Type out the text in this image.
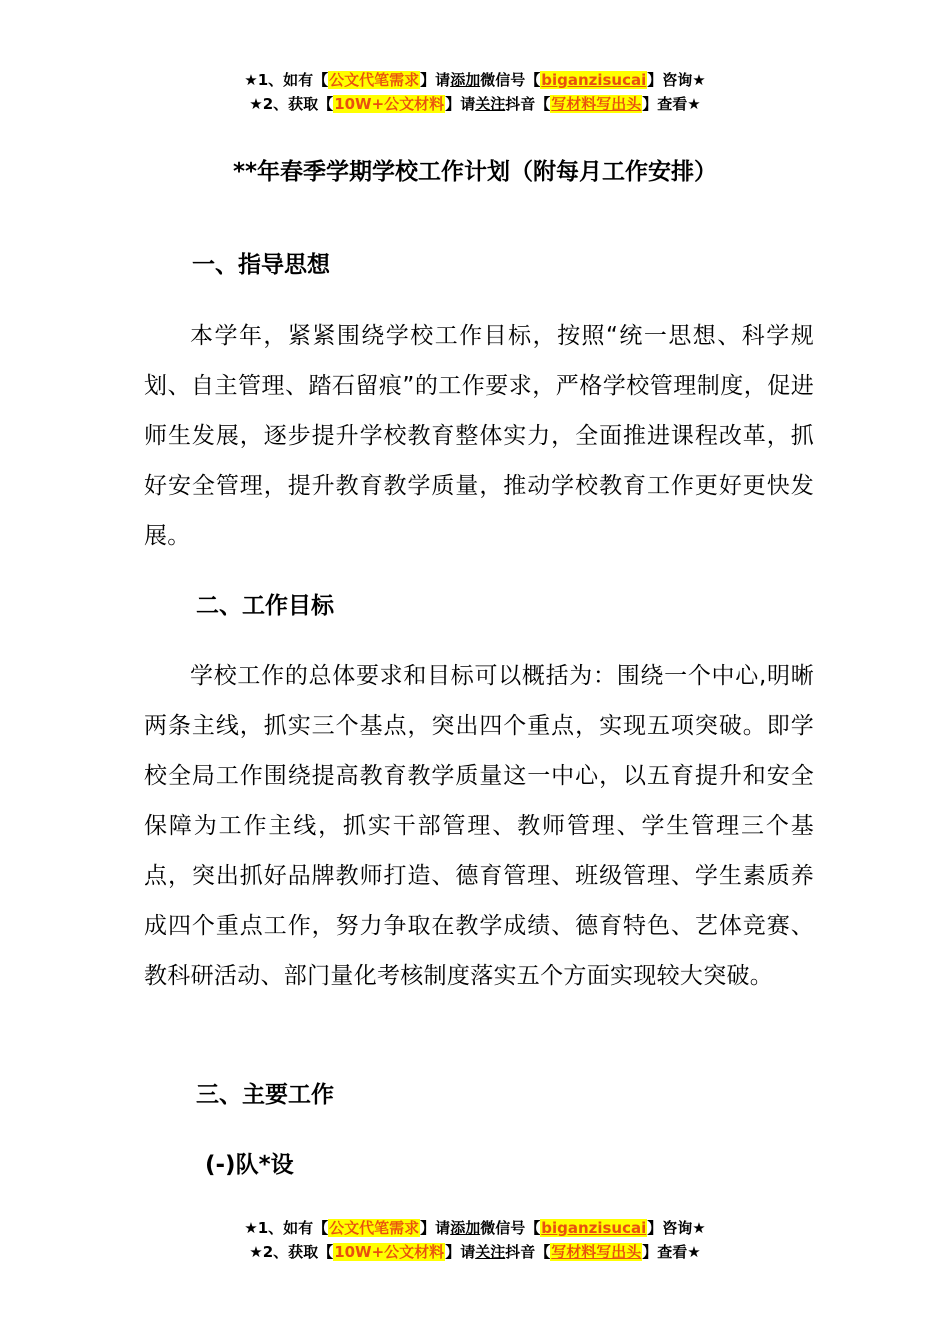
★1、如有【公文代笔需求】请添加微信号【biganzisucai】咨询★
★2、获取【10W+公文材料】请关注抖音【写材料写出头】查看★
**年春季学期学校工作计划（附每月工作安排）
一、指导思想
本学年，紧紧围绕学校工作目标，按照“统一思想、科学规划、自主管理、踏石留痕”的工作要求，严格学校管理制度，促进师生发展，逐步提升学校教育整体实力，全面推进课程改革，抓好安全管理，提升教育教学质量，推动学校教育工作更好更快发展。
二、工作目标
学校工作的总体要求和目标可以概括为：围绕一个中心,明晰两条主线，抓实三个基点，突出四个重点，实现五项突破。即学校全局工作围绕提高教育教学质量这一中心，以五育提升和安全保障为工作主线，抓实干部管理、教师管理、学生管理三个基点，突出抓好品牌教师打造、德育管理、班级管理、学生素质养成四个重点工作，努力争取在教学成绩、德育特色、艺体竞赛、教科研活动、部门量化考核制度落实五个方面实现较大突破。
三、主要工作
(-)队*设
★1、如有【公文代笔需求】请添加微信号【biganzisucai】咨询★
★2、获取【10W+公文材料】请关注抖音【写材料写出头】查看★
